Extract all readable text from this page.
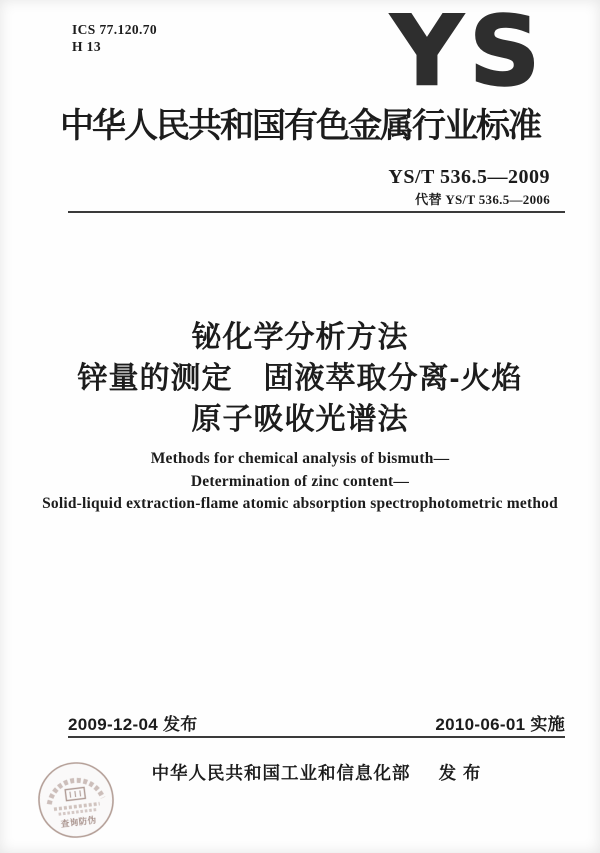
ICS 77.120.70
H 13	YS
中华人民共和国有色金属行业标准
YS/T 536.5—2009
代替 YS/T 536.5—2006
铋化学分析方法
锌量的测定　固液萃取分离-火焰
原子吸收光谱法
Methods for chemical analysis of bismuth—
Determination of zinc content—
Solid-liquid extraction-flame atomic absorption spectrophotometric method
2009-12-04 发布	2010-06-01 实施
中华人民共和国工业和信息化部 发 布
查询防伪
